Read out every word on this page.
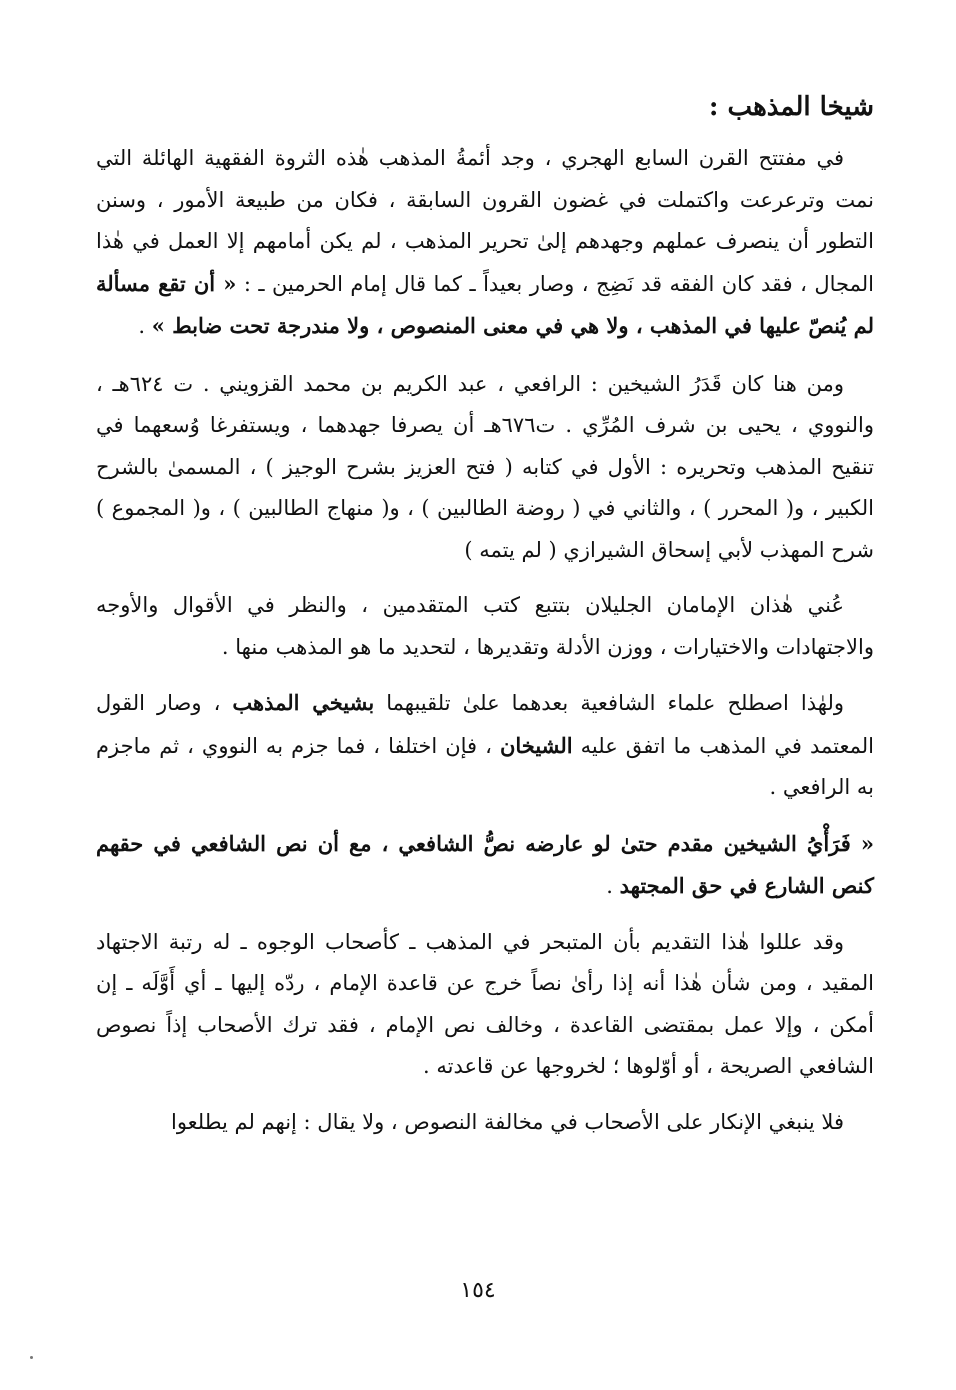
شيخا المذهب :

في مفتتح القرن السابع الهجري ، وجد أئمةُ المذهب هٰذه الثروة الفقهية الهائلة التي نمت وترعرعت واكتملت في غضون القرون السابقة ، فكان من طبيعة الأمور ، وسنن التطور أن ينصرف عملهم وجهدهم إلىٰ تحرير المذهب ، لم يكن أمامهم إلا العمل في هٰذا المجال ، فقد كان الفقه قد نَضِج ، وصار بعيداً ـ كما قال إمام الحرمين ـ : « أن تقع مسألة لم يُنصّ عليها في المذهب ، ولا هي في معنى المنصوص ، ولا مندرجة تحت ضابط » .

ومن هنا كان قَدَرُ الشيخين : الرافعي ، عبد الكريم بن محمد القزويني . ت ٦٢٤هـ ، والنووي ، يحيى بن شرف المُرِّي . ت٦٧٦هـ أن يصرفا جهدهما ، ويستفرغا وُسعهما في تنقيح المذهب وتحريره : الأول في كتابه ( فتح العزيز بشرح الوجيز ) ، المسمىٰ بالشرح الكبير ، و( المحرر ) ، والثاني في ( روضة الطالبين ) ، و( منهاج الطالبين ) ، و( المجموع ) شرح المهذب لأبي إسحاق الشيرازي ( لم يتمه )

عُني هٰذان الإمامان الجليلان بتتبع كتب المتقدمين ، والنظر في الأقوال والأوجه والاجتهادات والاختيارات ، ووزن الأدلة وتقديرها ، لتحديد ما هو المذهب منها .

ولهٰذا اصطلح علماء الشافعية بعدهما علىٰ تلقيبهما بشيخي المذهب ، وصار القول المعتمد في المذهب ما اتفق عليه الشيخان ، فإن اختلفا ، فما جزم به النووي ، ثم ماجزم به الرافعي .

« فَرَأْيُ الشيخين مقدم حتىٰ لو عارضه نصُّ الشافعي ، مع أن نص الشافعي في حقهم كنص الشارع في حق المجتهد .

وقد عللوا هٰذا التقديم بأن المتبحر في المذهب ـ كأصحاب الوجوه ـ له رتبة الاجتهاد المقيد ، ومن شأن هٰذا أنه إذا رأىٰ نصاً خرج عن قاعدة الإمام ، ردّه إليها ـ أي أَوَّلَه ـ إن أمكن ، وإلا عمل بمقتضى القاعدة ، وخالف نص الإمام ، فقد ترك الأصحاب إذاً نصوص الشافعي الصريحة ، أو أوّلوها ؛ لخروجها عن قاعدته .

فلا ينبغي الإنكار على الأصحاب في مخالفة النصوص ، ولا يقال : إنهم لم يطلعوا

١٥٤
